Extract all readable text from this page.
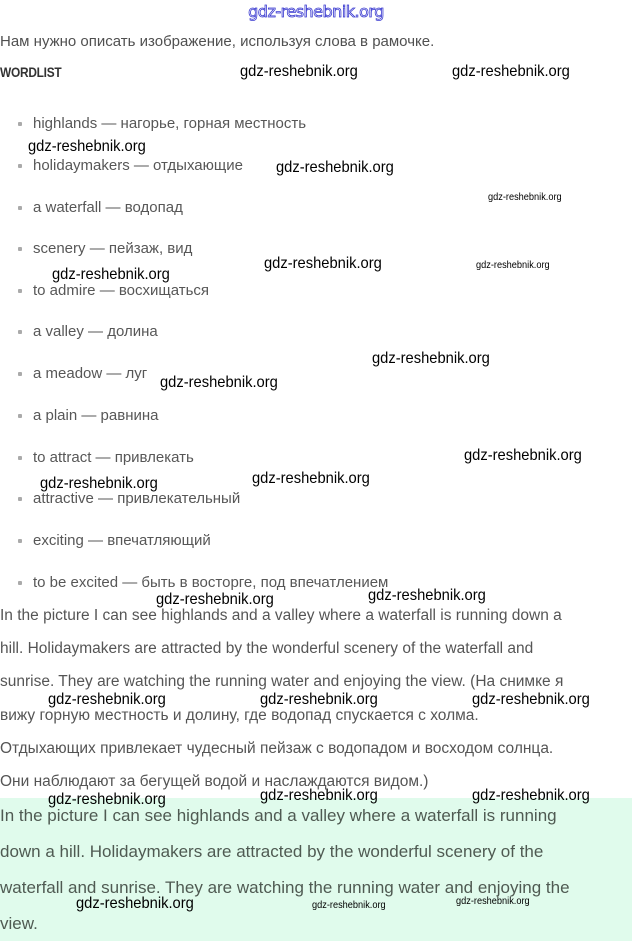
gdz-reshebnik.org
Нам нужно описать изображение, используя слова в рамочке.
WORDLIST
highlands — нагорье, горная местность
holidaymakers — отдыхающие
a waterfall — водопад
scenery — пейзаж, вид
to admire — восхищаться
a valley — долина
a meadow — луг
a plain — равнина
to attract — привлекать
attractive — привлекательный
exciting — впечатляющий
to be excited — быть в восторге, под впечатлением
In the picture I can see highlands and a valley where a waterfall is running down a
hill. Holidaymakers are attracted by the wonderful scenery of the waterfall and
sunrise. They are watching the running water and enjoying the view. (На снимке я
вижу горную местность и долину, где водопад спускается с холма.
Отдыхающих привлекает чудесный пейзаж с водопадом и восходом солнца.
Они наблюдают за бегущей водой и наслаждаются видом.)
In the picture I can see highlands and a valley where a waterfall is running
down a hill. Holidaymakers are attracted by the wonderful scenery of the
waterfall and sunrise. They are watching the running water and enjoying the
view.
gdz-reshebnik.org	gdz-reshebnik.org
gdz-reshebnik.org
gdz-reshebnik.org
gdz-reshebnik.org
gdz-reshebnik.org
gdz-reshebnik.org	gdz-reshebnik.org
gdz-reshebnik.org
gdz-reshebnik.org
gdz-reshebnik.org
gdz-reshebnik.org
gdz-reshebnik.org
gdz-reshebnik.org
gdz-reshebnik.org
gdz-reshebnik.org	gdz-reshebnik.org	gdz-reshebnik.org
gdz-reshebnik.org	gdz-reshebnik.org	gdz-reshebnik.org
gdz-reshebnik.org	gdz-reshebnik.org	gdz-reshebnik.org
